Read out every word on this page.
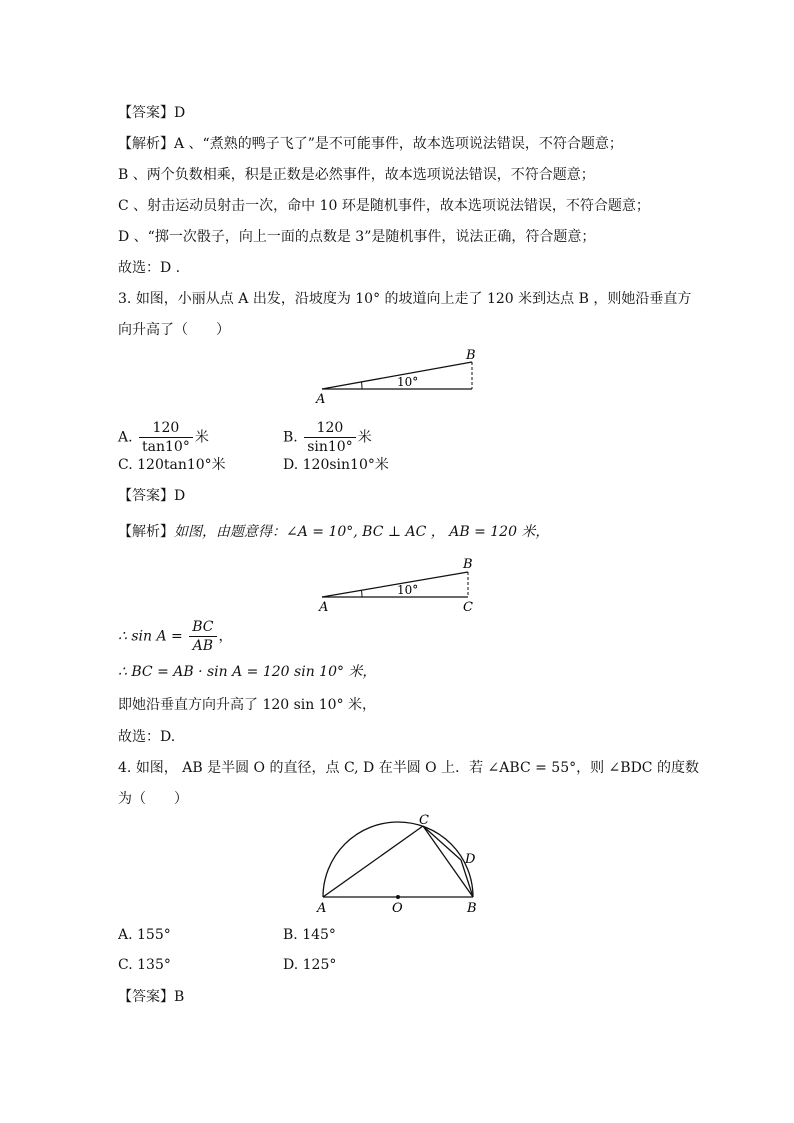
【答案】D
【解析】A 、“煮熟的鸭子飞了”是不可能事件，故本选项说法错误，不符合题意；
B 、两个负数相乘，积是正数是必然事件，故本选项说法错误，不符合题意；
C 、射击运动员射击一次，命中 10 环是随机事件，故本选项说法错误，不符合题意；
D 、“掷一次骰子，向上一面的点数是 3”是随机事件，说法正确，符合题意；
故选：D .
3. 如图，小丽从点 A 出发，沿坡度为 10° 的坡道向上走了 120 米到达点 B ，则她沿垂直方
向升高了（　　）
B
A
10°
A. $\frac{120}{\tan 10^\circ}$ 米	B. $\frac{120}{\sin 10^\circ}$ 米
C. 120tan10°米	D. 120sin10°米
【答案】D
【解析】如图，由题意得：∠A = 10°, BC ⊥ AC ， AB = 120 米，
B
A	C
10°
∴ $\sin A = \frac{BC}{AB}$ ，
∴ BC = AB · sin A = 120 sin 10° 米，
即她沿垂直方向升高了 120 sin 10° 米，
故选：D.
4. 如图， AB 是半圆 O 的直径，点 C, D 在半圆 O 上．若 ∠ABC = 55°，则 ∠BDC 的度数
为（　　）
C
D
A	O	B
A. 155°	B. 145°
C. 135°	D. 125°
【答案】B
